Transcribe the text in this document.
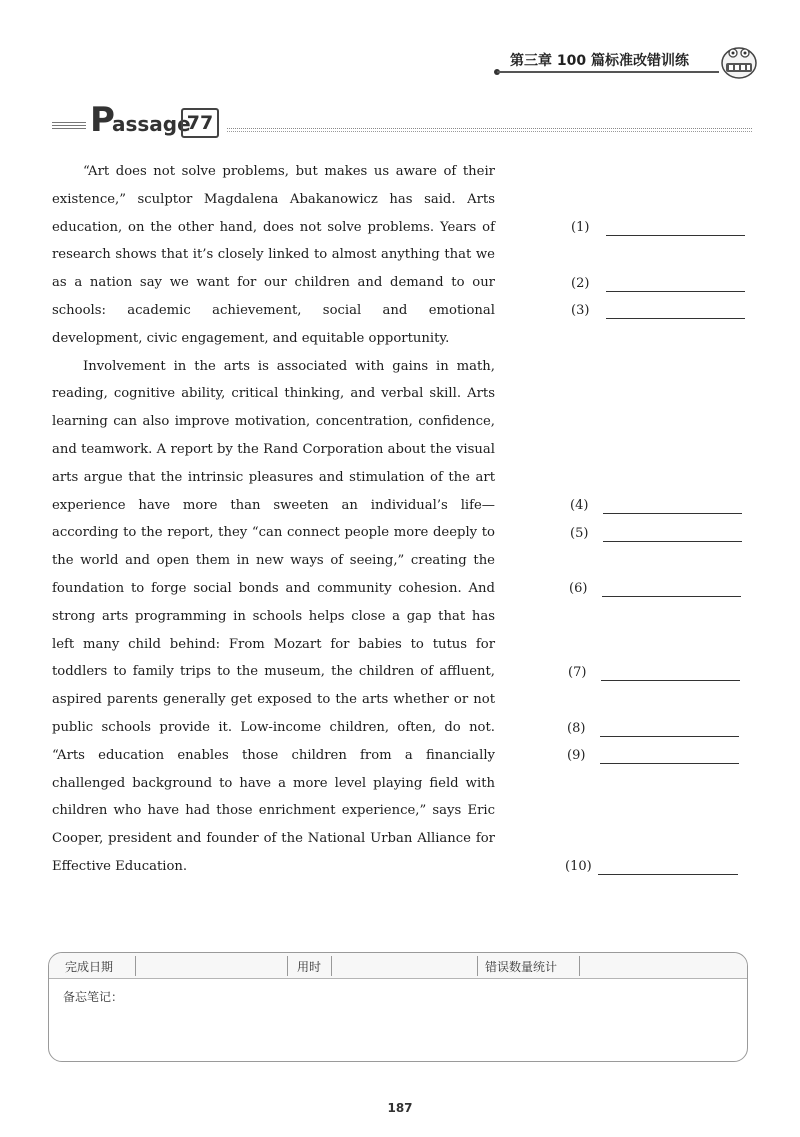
第三章 100 篇标准改错训练
P
assage
77

“Art does not solve problems, but makes us aware of their existence,” sculptor Magdalena Abakanowicz has said. Arts education, on the other hand, does not solve problems. Years of research shows that it’s closely linked to almost anything that we as a nation say we want for our children and demand to our schools: academic achievement, social and emotional development, civic engagement, and equitable opportunity.

Involvement in the arts is associated with gains in math, reading, cognitive ability, critical thinking, and verbal skill. Arts learning can also improve motivation, concentration, confidence, and teamwork. A report by the Rand Corporation about the visual arts argue that the intrinsic pleasures and stimulation of the art experience have more than sweeten an individual’s life—according to the report, they “can connect people more deeply to the world and open them in new ways of seeing,” creating the foundation to forge social bonds and community cohesion. And strong arts programming in schools helps close a gap that has left many child behind: From Mozart for babies to tutus for toddlers to family trips to the museum, the children of affluent, aspired parents generally get exposed to the arts whether or not public schools provide it. Low-income children, often, do not. “Arts education enables those children from a financially challenged background to have a more level playing field with children who have had those enrichment experience,” says Eric Cooper, president and founder of the National Urban Alliance for Effective Education.

(1)
(2)
(3)
(4)
(5)
(6)
(7)
(8)
(9)
(10)
完成日期	用时	错误数量统计
备忘笔记：
187
